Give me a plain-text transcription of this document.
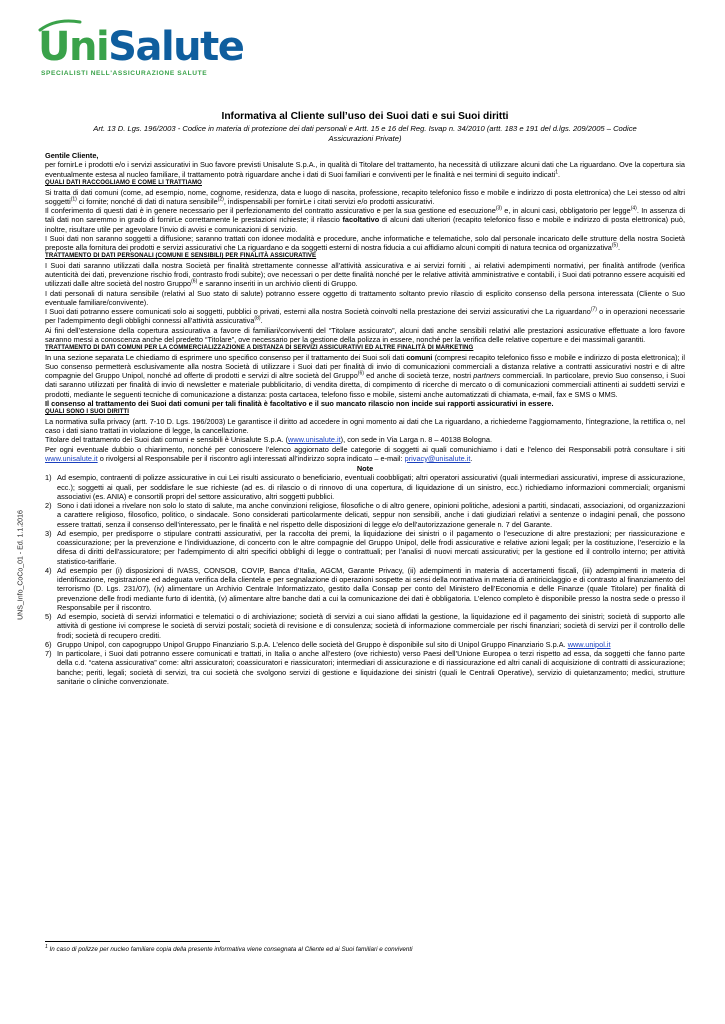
UniSalute
SPECIALISTI NELL'ASSICURAZIONE SALUTE
UNS_Info_CoCo_01 - Ed. 1.1.2016
Informativa al Cliente sull’uso dei Suoi dati e sui Suoi diritti
Art. 13 D. Lgs. 196/2003 - Codice in materia di protezione dei dati personali e Artt. 15 e 16 del Reg. Isvap n. 34/2010 (artt. 183 e 191 del d.lgs. 209/2005 – Codice Assicurazioni Private)

Gentile Cliente,

per fornirLe i prodotti e/o i servizi assicurativi in Suo favore previsti Unisalute S.p.A., in qualità di Titolare del trattamento, ha necessità di utilizzare alcuni dati che La riguardano. Ove la copertura sia eventualmente estesa al nucleo familiare, il trattamento potrà riguardare anche i dati di Suoi familiari e conviventi per le finalità e nei termini di seguito indicati$^1$.

QUALI DATI RACCOGLIAMO E COME LI TRATTIAMO

Si tratta di dati comuni (come, ad esempio, nome, cognome, residenza, data e luogo di nascita, professione, recapito telefonico fisso e mobile e indirizzo di posta elettronica) che Lei stesso od altri soggetti$^{(1)}$ ci fornite; nonché di dati di natura sensibile$^{(2)}$, indispensabili per fornirLe i citati servizi e/o prodotti assicurativi.

Il conferimento di questi dati è in genere necessario per il perfezionamento del contratto assicurativo e per la sua gestione ed esecuzione$^{(3)}$ e, in alcuni casi, obbligatorio per legge$^{(4)}$. In assenza di tali dati non saremmo in grado di fornirLe correttamente le prestazioni richieste; il rilascio facoltativo di alcuni dati ulteriori (recapito telefonico fisso e mobile e indirizzo di posta elettronica) può, inoltre, risultare utile per agevolare l’invio di avvisi e comunicazioni di servizio.

I Suoi dati non saranno soggetti a diffusione; saranno trattati con idonee modalità e procedure, anche informatiche e telematiche, solo dal personale incaricato delle strutture della nostra Società preposte alla fornitura dei prodotti e servizi assicurativi che La riguardano e da soggetti esterni di nostra fiducia a cui affidiamo alcuni compiti di natura tecnica od organizzativa$^{(5)}$.

TRATTAMENTO DI DATI PERSONALI (COMUNI E SENSIBILI) PER FINALITÀ ASSICURATIVE

I Suoi dati saranno utilizzati dalla nostra Società per finalità strettamente connesse all’attività assicurativa e ai servizi forniti , ai relativi adempimenti normativi, per finalità antifrode (verifica autenticità dei dati, prevenzione rischio frodi, contrasto frodi subite); ove necessari o per dette finalità nonché per le relative attività amministrative e contabili, i Suoi dati potranno essere acquisiti ed utilizzati dalle altre società del nostro Gruppo$^{(6)}$ e saranno inseriti in un archivio clienti di Gruppo.

I dati personali di natura sensibile (relativi al Suo stato di salute) potranno essere oggetto di trattamento soltanto previo rilascio di esplicito consenso della persona interessata (Cliente o Suo eventuale familiare/convivente).

I Suoi dati potranno essere comunicati solo ai soggetti, pubblici o privati, esterni alla nostra Società coinvolti nella prestazione dei servizi assicurativi che La riguardano$^{(7)}$ o in operazioni necessarie per l’adempimento degli obblighi connessi all’attività assicurativa$^{(8)}$.

Ai fini dell’estensione della copertura assicurativa a favore di familiari/conviventi del “Titolare assicurato”, alcuni dati anche sensibili relativi alle prestazioni assicurative effettuate a loro favore saranno messi a conoscenza anche del predetto “Titolare”, ove necessario per la gestione della polizza in essere, nonché per la verifica delle relative coperture e dei massimali garantiti.

TRATTAMENTO DI DATI COMUNI PER LA COMMERCIALIZZAZIONE A DISTANZA DI SERVIZI ASSICURATIVI ED ALTRE FINALITÀ DI MARKETING

In una sezione separata Le chiediamo di esprimere uno specifico consenso per il trattamento dei Suoi soli dati comuni (compresi recapito telefonico fisso e mobile e indirizzo di posta elettronica); il Suo consenso permetterà esclusivamente alla nostra Società di utilizzare i Suoi dati per finalità di invio di comunicazioni commerciali a distanza relative a contratti assicurativi nostri e di altre compagnie del Gruppo Unipol, nonché ad offerte di prodotti e servizi di altre società del Gruppo$^{(6)}$ ed anche di società terze, nostri partners commerciali. In particolare, previo Suo consenso, i Suoi dati saranno utilizzati per finalità di invio di newsletter e materiale pubblicitario, di vendita diretta, di compimento di ricerche di mercato o di comunicazioni commerciali attinenti ai suddetti servizi e prodotti, mediante le seguenti tecniche di comunicazione a distanza: posta cartacea, telefono fisso e mobile, sistemi anche automatizzati di chiamata, e-mail, fax e SMS o MMS.

Il consenso al trattamento dei Suoi dati comuni per tali finalità è facoltativo e il suo mancato rilascio non incide sui rapporti assicurativi in essere.

QUALI SONO I SUOI DIRITTI

La normativa sulla privacy (artt. 7-10 D. Lgs. 196/2003) Le garantisce il diritto ad accedere in ogni momento ai dati che La riguardano, a richiederne l’aggiornamento, l’integrazione, la rettifica o, nel caso i dati siano trattati in violazione di legge, la cancellazione.

Titolare del trattamento dei Suoi dati comuni e sensibili è Unisalute S.p.A. (www.unisalute.it), con sede in Via Larga n. 8 – 40138 Bologna.

Per ogni eventuale dubbio o chiarimento, nonché per conoscere l’elenco aggiornato delle categorie di soggetti ai quali comunichiamo i dati e l’elenco dei Responsabili potrà consultare i siti www.unisalute.it o rivolgersi al Responsabile per il riscontro agli interessati all’indirizzo sopra indicato – e-mail: privacy@unisalute.it.

Note

1) Ad esempio, contraenti di polizze assicurative in cui Lei risulti assicurato o beneficiario, eventuali coobbligati; altri operatori assicurativi (quali intermediari assicurativi, imprese di assicurazione, ecc.); soggetti ai quali, per soddisfare le sue richieste (ad es. di rilascio o di rinnovo di una copertura, di liquidazione di un sinistro, ecc.) richiediamo informazioni commerciali; organismi associativi (es. ANIA) e consortili propri del settore assicurativo, altri soggetti pubblici.
2) Sono i dati idonei a rivelare non solo lo stato di salute, ma anche convinzioni religiose, filosofiche o di altro genere, opinioni politiche, adesioni a partiti, sindacati, associazioni, od organizzazioni a carattere religioso, filosofico, politico, o sindacale. Sono considerati particolarmente delicati, seppur non sensibili, anche i dati giudiziari relativi a sentenze o indagini penali, che possono essere trattati, senza il consenso dell’interessato, per le finalità e nel rispetto delle disposizioni di legge e/o dell’autorizzazione generale n. 7 del Garante.
3) Ad esempio, per predisporre o stipulare contratti assicurativi, per la raccolta dei premi, la liquidazione dei sinistri o il pagamento o l’esecuzione di altre prestazioni; per riassicurazione e coassicurazione; per la prevenzione e l’individuazione, di concerto con le altre compagnie del Gruppo Unipol, delle frodi assicurative e relative azioni legali; per la costituzione, l’esercizio e la difesa di diritti dell'assicuratore; per l’adempimento di altri specifici obblighi di legge o contrattuali; per l’analisi di nuovi mercati assicurativi; per la gestione ed il controllo interno; per attività statistico-tariffarie.
4) Ad esempio per (i) disposizioni di IVASS, CONSOB, COVIP, Banca d’Italia, AGCM, Garante Privacy, (ii) adempimenti in materia di accertamenti fiscali, (iii) adempimenti in materia di identificazione, registrazione ed adeguata verifica della clientela e per segnalazione di operazioni sospette ai sensi della normativa in materia di antiriciclaggio e di contrasto al finanziamento del terrorismo (D. Lgs. 231/07), (iv) alimentare un Archivio Centrale Informatizzato, gestito dalla Consap per conto del Ministero dell’Economia e delle Finanze (quale Titolare) per finalità di prevenzione delle frodi mediante furto di identità, (v) alimentare altre banche dati a cui la comunicazione dei dati è obbligatoria. L’elenco completo è disponibile presso la nostra sede o presso il Responsabile per il riscontro.
5) Ad esempio, società di servizi informatici e telematici o di archiviazione; società di servizi a cui siano affidati la gestione, la liquidazione ed il pagamento dei sinistri; società di supporto alle attività di gestione ivi comprese le società di servizi postali; società di revisione e di consulenza; società di informazione commerciale per rischi finanziari; società di servizi per il controllo delle frodi; società di recupero crediti.
6) Gruppo Unipol, con capogruppo Unipol Gruppo Finanziario S.p.A. L’elenco delle società del Gruppo è disponibile sul sito di Unipol Gruppo Finanziario S.p.A. www.unipol.it
7) In particolare, i Suoi dati potranno essere comunicati e trattati, in Italia o anche all’estero (ove richiesto) verso Paesi dell’Unione Europea o terzi rispetto ad essa, da soggetti che fanno parte della c.d. “catena assicurativa” come: altri assicuratori; coassicuratori e riassicuratori; intermediari di assicurazione e di riassicurazione ed altri canali di acquisizione di contratti di assicurazione; banche; periti, legali; società di servizi, tra cui società che svolgono servizi di gestione e liquidazione dei sinistri (quali le Centrali Operative), servizio di quietanzamento; medici, strutture sanitarie o cliniche convenzionate.
$^1$ In caso di polizze per nucleo familiare copia della presente informativa viene consegnata al Cliente ed ai Suoi familiari e conviventi
